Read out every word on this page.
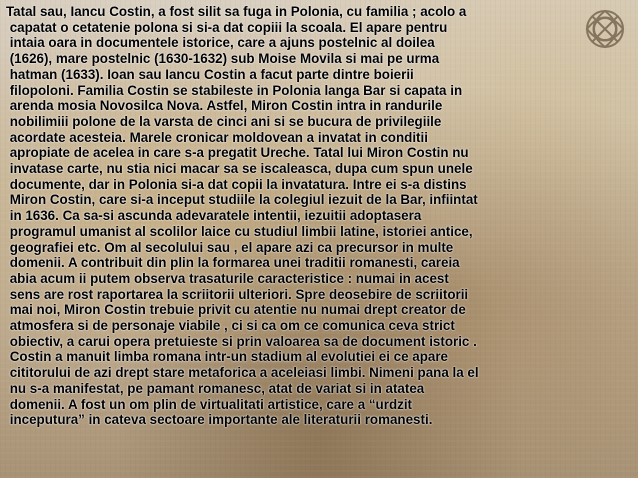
Tatal sau, Iancu Costin, a fost silit sa fuga in Polonia, cu familia ; acolo a
capatat o cetatenie polona si si-a dat copiii la scoala. El apare pentru
intaia oara in documentele istorice, care a ajuns postelnic al doilea
(1626), mare postelnic (1630-1632) sub Moise Movila si mai pe urma
hatman (1633). Ioan sau Iancu Costin a facut parte dintre boierii
filopoloni. Familia Costin se stabileste in Polonia langa Bar si capata in
arenda mosia Novosilca Nova. Astfel, Miron Costin intra in randurile
nobilimiii polone de la varsta de cinci ani si se bucura de privilegiile
acordate acesteia. Marele cronicar moldovean a invatat in conditii
apropiate de acelea in care s-a pregatit Ureche. Tatal lui Miron Costin nu
invatase carte, nu stia nici macar sa se iscaleasca, dupa cum spun unele
documente, dar in Polonia si-a dat copii la invatatura. Intre ei s-a distins
Miron Costin, care si-a inceput studiile la colegiul iezuit de la Bar, infiintat
in 1636. Ca sa-si ascunda adevaratele intentii, iezuitii adoptasera
programul umanist al scolilor laice cu studiul limbii latine, istoriei antice,
geografiei etc. Om al secolului sau , el apare azi ca precursor in multe
domenii. A contribuit din plin la formarea unei traditii romanesti, careia
abia acum ii putem observa trasaturile caracteristice : numai in acest
sens are rost raportarea la scriitorii ulteriori. Spre deosebire de scriitorii
mai noi, Miron Costin trebuie privit cu atentie nu numai drept creator de
atmosfera si de personaje viabile , ci si ca om ce comunica ceva strict
obiectiv, a carui opera pretuieste si prin valoarea sa de document istoric .
Costin a manuit limba romana intr-un stadium al evolutiei ei ce apare
cititorului de azi drept stare metaforica a aceleiasi limbi. Nimeni pana la el
nu s-a manifestat, pe pamant romanesc, atat de variat si in atatea
domenii. A fost un om plin de virtualitati artistice, care a “urdzit
inceputura” in cateva sectoare importante ale literaturii romanesti.
